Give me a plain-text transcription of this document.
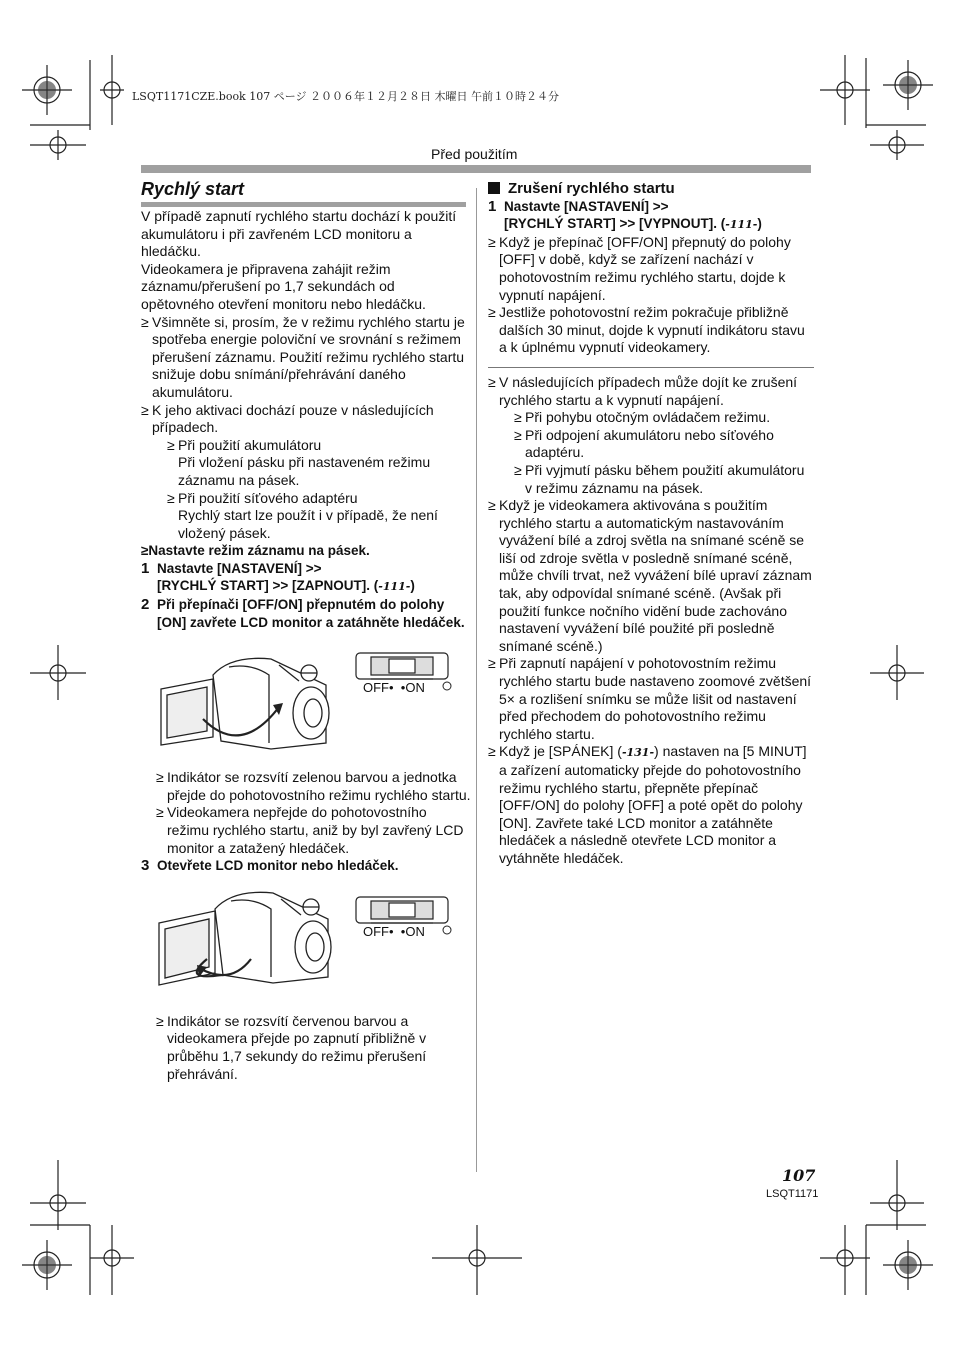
LSQT1171CZE.book 107 ページ ２００６年１２月２８日 木曜日 午前１０時２４分
Před použitím
Rychlý start

V případě zapnutí rychlého startu dochází k použití akumulátoru i při zavřeném LCD monitoru a hledáčku.

Videokamera je připravena zahájit režim záznamu/přerušení po 1,7 sekundách od opětovného otevření monitoru nebo hledáčku.

≥ Všimněte si, prosím, že v režimu rychlého startu je spotřeba energie poloviční ve srovnání s režimem přerušení záznamu. Použití režimu rychlého startu snižuje dobu snímání/přehrávání daného akumulátoru.

≥ K jeho aktivaci dochází pouze v následujících případech.

≥ Při použití akumulátoru

Při vložení pásku při nastaveném režimu záznamu na pásek.

≥ Při použití síťového adaptéru

Rychlý start lze použít i v případě, že není vložený pásek.

≥Nastavte režim záznamu na pásek.

1 Nastavte [NASTAVENÍ] >>
[RYCHLÝ START] >> [ZAPNOUT]. (-111-)

2 Při přepínači [OFF/ON] přepnutém do polohy [ON] zavřete LCD monitor a zatáhněte hledáček.

OFF•  •ON

≥ Indikátor se rozsvítí zelenou barvou a jednotka přejde do pohotovostního režimu rychlého startu.

≥ Videokamera nepřejde do pohotovostního režimu rychlého startu, aniž by byl zavřený LCD monitor a zatažený hledáček.

3 Otevřete LCD monitor nebo hledáček.

OFF•  •ON

≥ Indikátor se rozsvítí červenou barvou a videokamera přejde po zapnutí přibližně v průběhu 1,7 sekundy do režimu přerušení přehrávání.

Zrušení rychlého startu

1 Nastavte [NASTAVENÍ] >>
[RYCHLÝ START] >> [VYPNOUT]. (-111-)

≥ Když je přepínač [OFF/ON] přepnutý do polohy [OFF] v době, když se zařízení nachází v pohotovostním režimu rychlého startu, dojde k vypnutí napájení.

≥ Jestliže pohotovostní režim pokračuje přibližně dalších 30 minut, dojde k vypnutí indikátoru stavu a k úplnému vypnutí videokamery.

≥ V následujících případech může dojít ke zrušení rychlého startu a k vypnutí napájení.

≥ Při pohybu otočným ovládačem režimu.

≥ Při odpojení akumulátoru nebo síťového adaptéru.

≥ Při vyjmutí pásku během použití akumulátoru v režimu záznamu na pásek.

≥ Když je videokamera aktivována s použitím rychlého startu a automatickým nastavováním vyvážení bílé a zdroj světla na snímané scéně se liší od zdroje světla v posledně snímané scéně, může chvíli trvat, než vyvážení bílé upraví záznam tak, aby odpovídal snímané scéně. (Avšak při použití funkce nočního vidění bude zachováno nastavení vyvážení bílé použité při posledně snímané scéně.)

≥ Při zapnutí napájení v pohotovostním režimu rychlého startu bude nastaveno zoomové zvětšení 5× a rozlišení snímku se může lišit od nastavení před přechodem do pohotovostního režimu rychlého startu.

≥ Když je [SPÁNEK] (-131-) nastaven na [5 MINUT] a zařízení automaticky přejde do pohotovostního režimu rychlého startu, přepněte přepínač [OFF/ON] do polohy [OFF] a poté opět do polohy [ON]. Zavřete také LCD monitor a zatáhněte hledáček a následně otevřete LCD monitor a vytáhněte hledáček.

107
LSQT1171
